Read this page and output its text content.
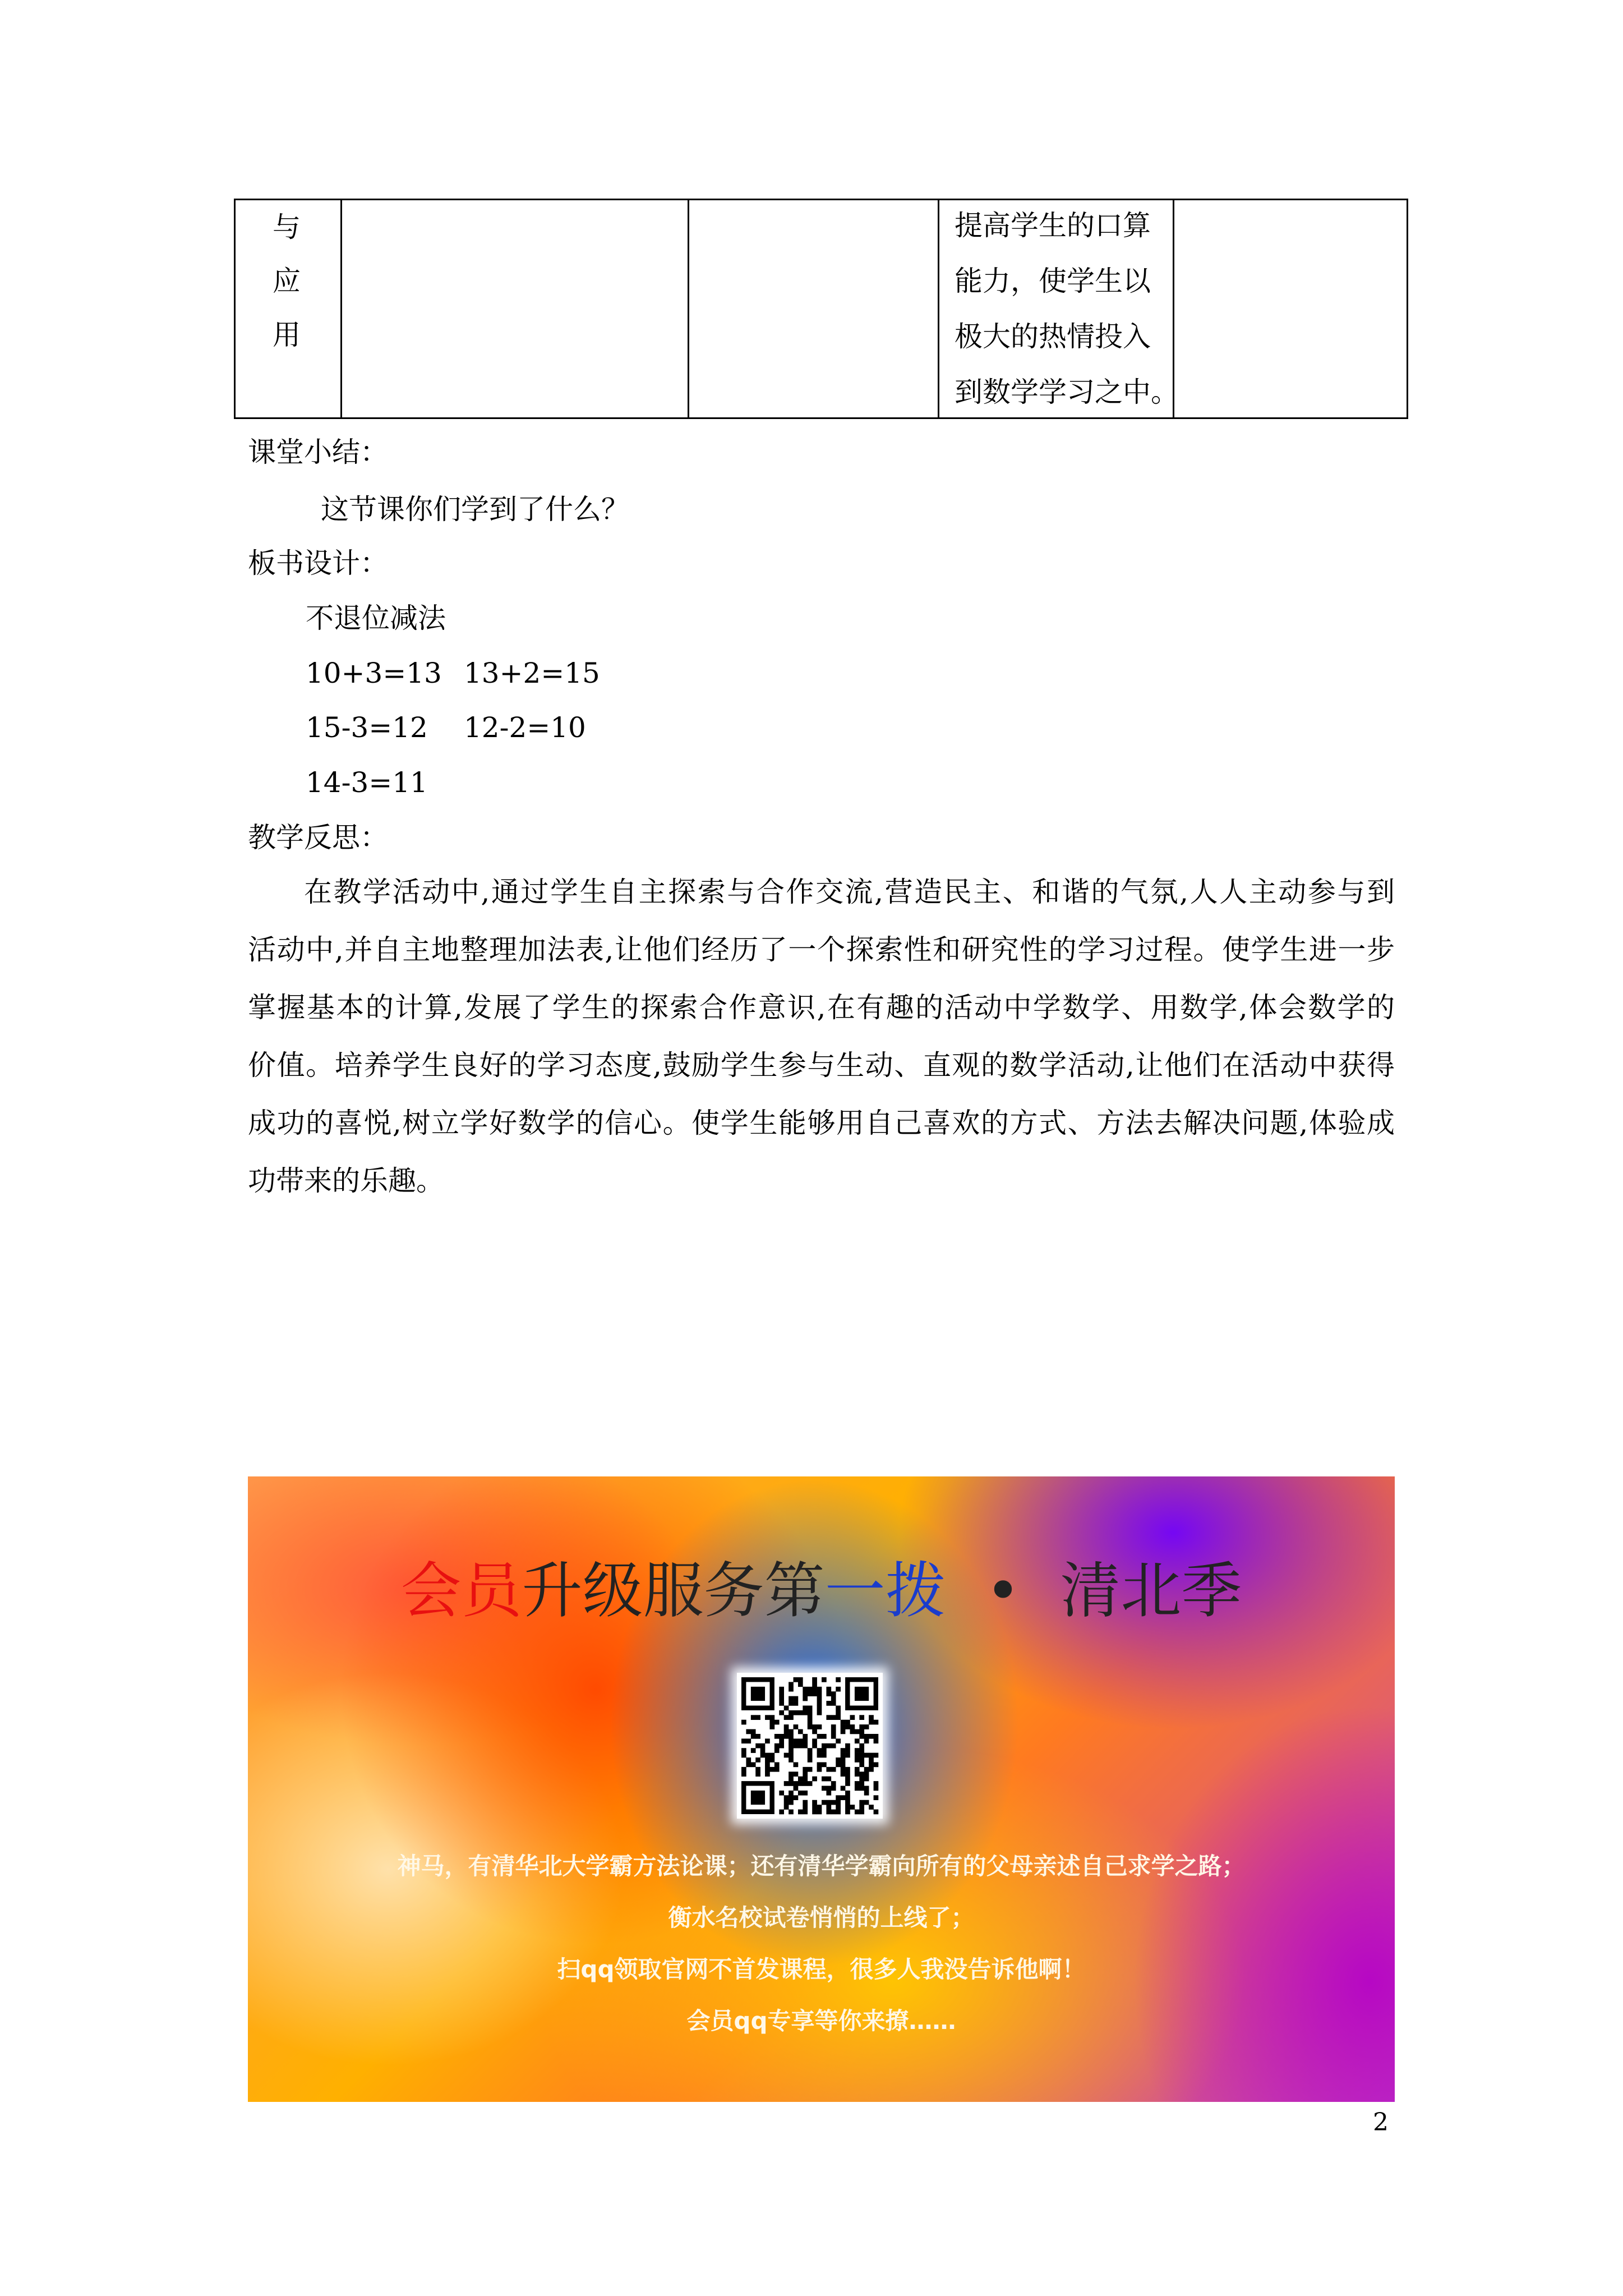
与
应
用
提高学生的口算
能力，使学生以
极大的热情投入
到数学学习之中。
课堂小结：
这节课你们学到了什么？
板书设计：
不退位减法
10+3=13 13+2=15
15-3=12 12-2=10
14-3=11
教学反思：
在教学活动中,通过学生自主探索与合作交流,营造民主、和谐的气氛,人人主动参与到
活动中,并自主地整理加法表,让他们经历了一个探索性和研究性的学习过程。使学生进一步
掌握基本的计算,发展了学生的探索合作意识,在有趣的活动中学数学、用数学,体会数学的
价值。培养学生良好的学习态度,鼓励学生参与生动、直观的数学活动,让他们在活动中获得
成功的喜悦,树立学好数学的信心。使学生能够用自己喜欢的方式、方法去解决问题,体验成
功带来的乐趣。
会员升级服务第一拨 • 清北季
神马，有清华北大学霸方法论课；还有清华学霸向所有的父母亲述自己求学之路；
衡水名校试卷悄悄的上线了；
扫qq领取官网不首发课程，很多人我没告诉他啊！
会员qq专享等你来撩……
2
